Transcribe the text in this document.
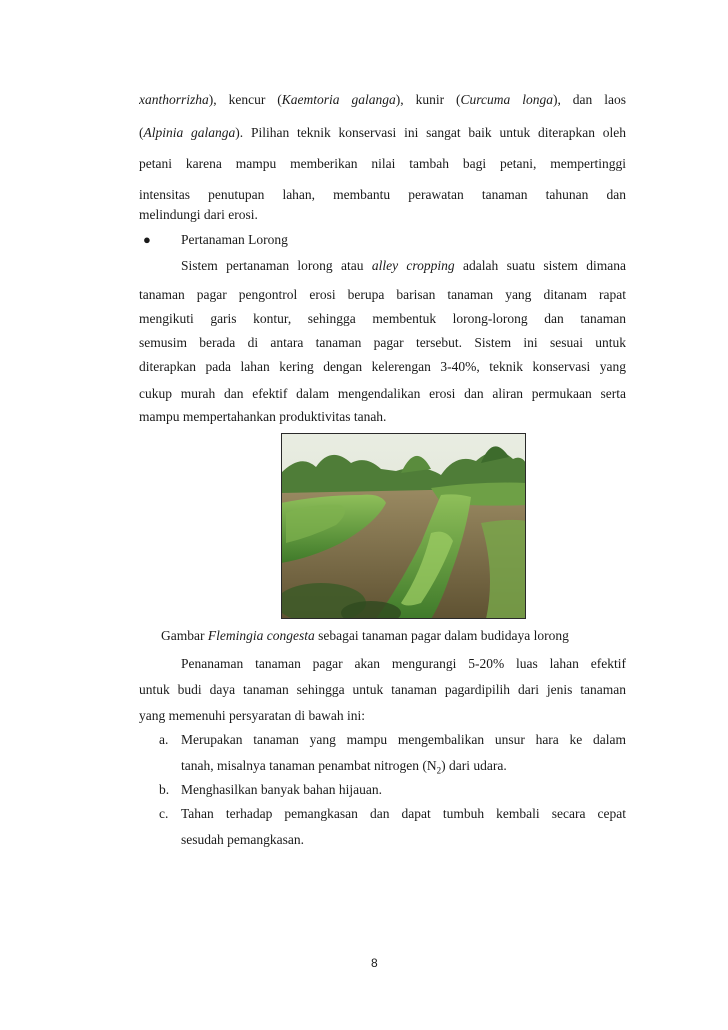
xanthorrizha), kencur (Kaemtoria galanga), kunir (Curcuma longa), dan laos
(Alpinia galanga). Pilihan teknik konservasi ini sangat baik untuk diterapkan oleh
petani karena mampu memberikan nilai tambah bagi petani, mempertinggi
intensitas penutupan lahan, membantu perawatan tanaman tahunan dan
melindungi dari erosi.
● Pertanaman Lorong
Sistem pertanaman lorong atau alley cropping adalah suatu sistem dimana
tanaman pagar pengontrol erosi berupa barisan tanaman yang ditanam rapat
mengikuti garis kontur, sehingga membentuk lorong-lorong dan tanaman
semusim berada di antara tanaman pagar tersebut. Sistem ini sesuai untuk
diterapkan pada lahan kering dengan kelerengan 3-40%, teknik konservasi yang
cukup murah dan efektif dalam mengendalikan erosi dan aliran permukaan serta
mampu mempertahankan produktivitas tanah.
Gambar Flemingia congesta sebagai tanaman pagar dalam budidaya lorong
Penanaman tanaman pagar akan mengurangi 5-20% luas lahan efektif
untuk budi daya tanaman sehingga untuk tanaman pagardipilih dari jenis tanaman
yang memenuhi persyaratan di bawah ini:
a. Merupakan tanaman yang mampu mengembalikan unsur hara ke dalam
tanah, misalnya tanaman penambat nitrogen $(N_2)$ dari udara.
b. Menghasilkan banyak bahan hijauan.
c. Tahan terhadap pemangkasan dan dapat tumbuh kembali secara cepat
sesudah pemangkasan.
8
